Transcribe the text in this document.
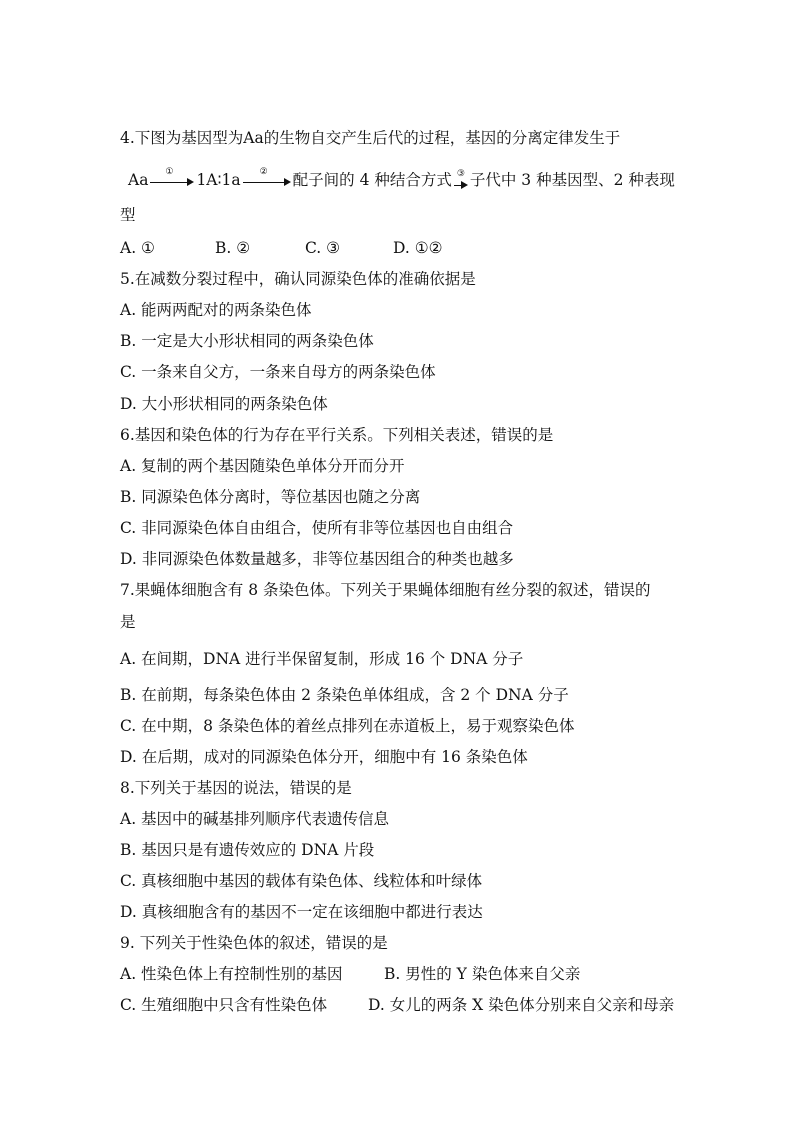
4.下图为基因型为Aa的生物自交产生后代的过程，基因的分离定律发生于
Aa	①	1A∶1a	②	配子间的 4 种结合方式 ③ 子代中 3 种基因型、2 种表现
型
A. ①	B. ②	C. ③	D. ①②
5.在减数分裂过程中，确认同源染色体的准确依据是
A. 能两两配对的两条染色体
B. 一定是大小形状相同的两条染色体
C. 一条来自父方，一条来自母方的两条染色体
D. 大小形状相同的两条染色体
6.基因和染色体的行为存在平行关系。下列相关表述，错误的是
A. 复制的两个基因随染色单体分开而分开
B. 同源染色体分离时，等位基因也随之分离
C. 非同源染色体自由组合，使所有非等位基因也自由组合
D. 非同源染色体数量越多，非等位基因组合的种类也越多
7.果蝇体细胞含有 8 条染色体。下列关于果蝇体细胞有丝分裂的叙述，错误的
是
A. 在间期，DNA 进行半保留复制，形成 16 个 DNA 分子
B. 在前期，每条染色体由 2 条染色单体组成，含 2 个 DNA 分子
C. 在中期，8 条染色体的着丝点排列在赤道板上，易于观察染色体
D. 在后期，成对的同源染色体分开，细胞中有 16 条染色体
8.下列关于基因的说法，错误的是
A. 基因中的碱基排列顺序代表遗传信息
B. 基因只是有遗传效应的 DNA 片段
C. 真核细胞中基因的载体有染色体、线粒体和叶绿体
D. 真核细胞含有的基因不一定在该细胞中都进行表达
9. 下列关于性染色体的叙述，错误的是
A. 性染色体上有控制性别的基因	B. 男性的 Y 染色体来自父亲
C. 生殖细胞中只含有性染色体	D. 女儿的两条 X 染色体分别来自父亲和母亲
